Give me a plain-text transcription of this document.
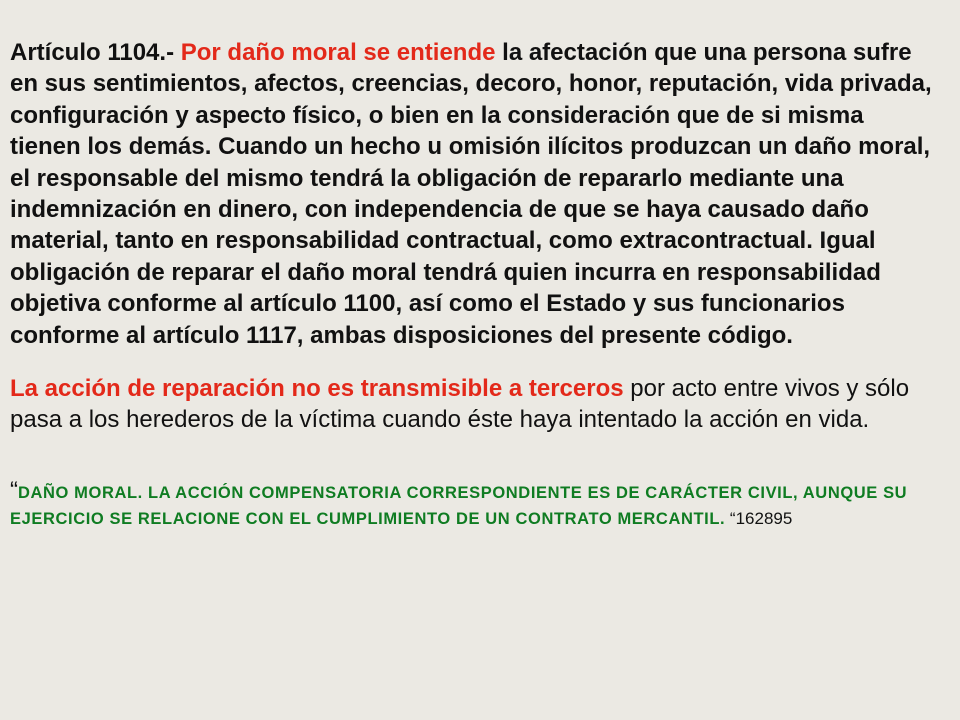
Artículo 1104.- Por daño moral se entiende la afectación que una persona sufre en sus sentimientos, afectos, creencias, decoro, honor, reputación, vida privada, configuración y aspecto físico, o bien en la consideración que de si misma tienen los demás. Cuando un hecho u omisión ilícitos produzcan un daño moral, el responsable del mismo tendrá la obligación de repararlo mediante una indemnización en dinero, con independencia de que se haya causado daño material, tanto en responsabilidad contractual, como extracontractual. Igual obligación de reparar el daño moral tendrá quien incurra en responsabilidad objetiva conforme al artículo 1100, así como el Estado y sus funcionarios conforme al artículo 1117, ambas disposiciones del presente código.

La acción de reparación no es transmisible a terceros por acto entre vivos y sólo pasa a los herederos de la víctima cuando éste haya intentado la acción en vida.

“DAÑO MORAL. LA ACCIÓN COMPENSATORIA CORRESPONDIENTE ES DE CARÁCTER CIVIL, AUNQUE SU EJERCICIO SE RELACIONE CON EL CUMPLIMIENTO DE UN CONTRATO MERCANTIL. “162895
